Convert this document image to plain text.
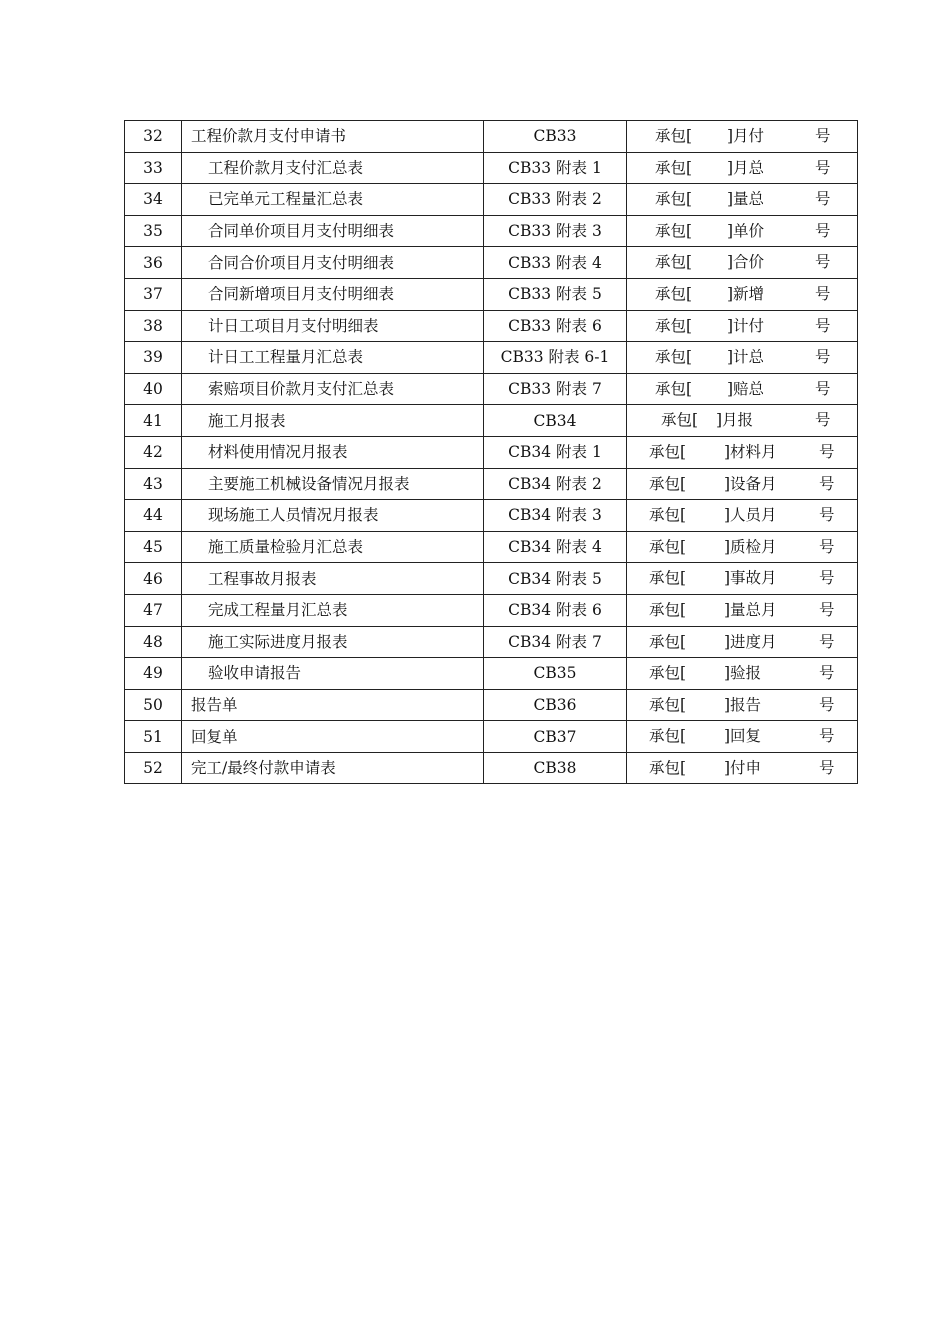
32	工程价款月支付申请书	CB33	承包[ ]月付 号

33	工程价款月支付汇总表	CB33 附表 1	承包[ ]月总 号

34	已完单元工程量汇总表	CB33 附表 2	承包[ ]量总 号

35	合同单价项目月支付明细表	CB33 附表 3	承包[ ]单价 号

36	合同合价项目月支付明细表	CB33 附表 4	承包[ ]合价 号

37	合同新增项目月支付明细表	CB33 附表 5	承包[ ]新增 号

38	计日工项目月支付明细表	CB33 附表 6	承包[ ]计付 号

39	计日工工程量月汇总表	CB33 附表 6-1	承包[ ]计总 号

40	索赔项目价款月支付汇总表	CB33 附表 7	承包[ ]赔总 号

41	施工月报表	CB34	承包[ ]月报 号

42	材料使用情况月报表	CB34 附表 1	承包[ ]材料月 号

43	主要施工机械设备情况月报表	CB34 附表 2	承包[ ]设备月 号

44	现场施工人员情况月报表	CB34 附表 3	承包[ ]人员月 号

45	施工质量检验月汇总表	CB34 附表 4	承包[ ]质检月 号

46	工程事故月报表	CB34 附表 5	承包[ ]事故月 号

47	完成工程量月汇总表	CB34 附表 6	承包[ ]量总月 号

48	施工实际进度月报表	CB34 附表 7	承包[ ]进度月 号

49	验收申请报告	CB35	承包[ ]验报 号

50	报告单	CB36	承包[ ]报告 号

51	回复单	CB37	承包[ ]回复 号

52	完工/最终付款申请表	CB38	承包[ ]付申 号
